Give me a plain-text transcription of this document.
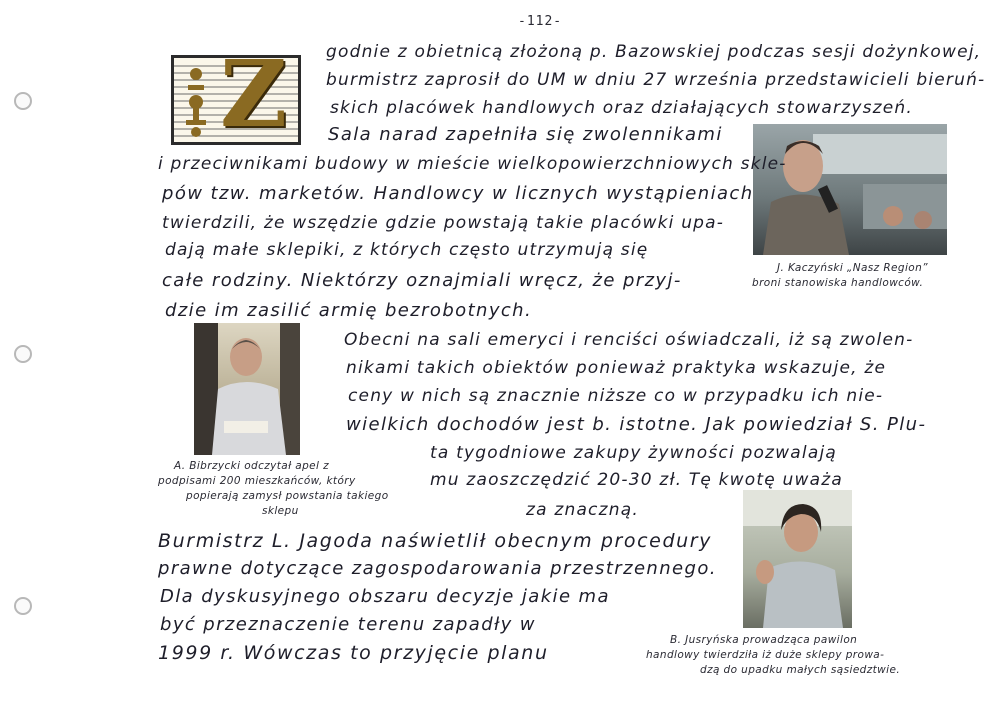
-112-
Z
J. Kaczyński „Nasz Region”
broni stanowiska handlowców.
A. Bibrzycki odczytał apel z
podpisami 200 mieszkańców, który
popierają zamysł powstania takiego
sklepu
B. Jusryńska prowadząca pawilon
handlowy twierdziła iż duże sklepy prowa-
dzą do upadku małych sąsiedztwie.
godnie z obietnicą złożoną p. Bazowskiej podczas sesji dożynkowej,
burmistrz zaprosił do UM w dniu 27 września przedstawicieli bieruń-
skich placówek handlowych oraz działających stowarzyszeń.
Sala narad zapełniła się zwolennikami
i przeciwnikami budowy w mieście wielkopowierzchniowych skle-
pów tzw. marketów. Handlowcy w licznych wystąpieniach
twierdzili, że wszędzie gdzie powstają takie placówki upa-
dają małe sklepiki, z których często utrzymują się
całe rodziny. Niektórzy oznajmiali wręcz, że przyj-
dzie im zasilić armię bezrobotnych.
Obecni na sali emeryci i renciści oświadczali, iż są zwolen-
nikami takich obiektów ponieważ praktyka wskazuje, że
ceny w nich są znacznie niższe co w przypadku ich nie-
wielkich dochodów jest b. istotne. Jak powiedział S. Plu-
ta tygodniowe zakupy żywności pozwalają
mu zaoszczędzić 20-30 zł. Tę kwotę uważa
za znaczną.
Burmistrz L. Jagoda naświetlił obecnym procedury
prawne dotyczące zagospodarowania przestrzennego.
Dla dyskusyjnego obszaru decyzje jakie ma
być przeznaczenie terenu zapadły w
1999 r. Wówczas to przyjęcie planu
